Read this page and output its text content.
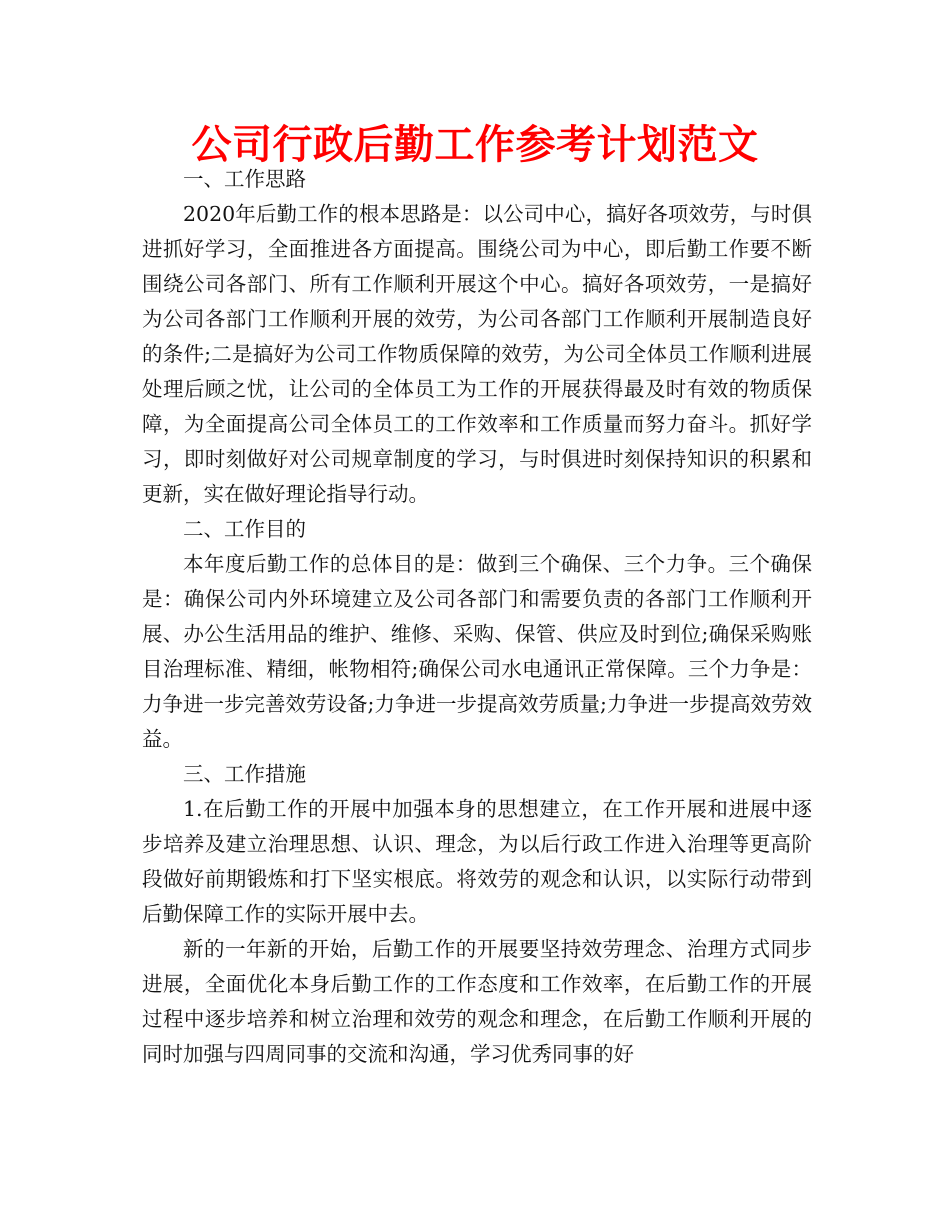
公司行政后勤工作参考计划范文

一、工作思路

2020年后勤工作的根本思路是：以公司中心，搞好各项效劳，与时俱进抓好学习，全面推进各方面提高。围绕公司为中心，即后勤工作要不断围绕公司各部门、所有工作顺利开展这个中心。搞好各项效劳，一是搞好为公司各部门工作顺利开展的效劳，为公司各部门工作顺利开展制造良好的条件;二是搞好为公司工作物质保障的效劳，为公司全体员工作顺利进展处理后顾之忧，让公司的全体员工为工作的开展获得最及时有效的物质保障，为全面提高公司全体员工的工作效率和工作质量而努力奋斗。抓好学习，即时刻做好对公司规章制度的学习，与时俱进时刻保持知识的积累和更新，实在做好理论指导行动。

二、工作目的

本年度后勤工作的总体目的是：做到三个确保、三个力争。三个确保是：确保公司内外环境建立及公司各部门和需要负责的各部门工作顺利开展、办公生活用品的维护、维修、采购、保管、供应及时到位;确保采购账目治理标准、精细，帐物相符;确保公司水电通讯正常保障。三个力争是：力争进一步完善效劳设备;力争进一步提高效劳质量;力争进一步提高效劳效益。

三、工作措施

1.在后勤工作的开展中加强本身的思想建立，在工作开展和进展中逐步培养及建立治理思想、认识、理念，为以后行政工作进入治理等更高阶段做好前期锻炼和打下坚实根底。将效劳的观念和认识，以实际行动带到后勤保障工作的实际开展中去。

新的一年新的开始，后勤工作的开展要坚持效劳理念、治理方式同步进展，全面优化本身后勤工作的工作态度和工作效率，在后勤工作的开展过程中逐步培养和树立治理和效劳的观念和理念，在后勤工作顺利开展的同时加强与四周同事的交流和沟通，学习优秀同事的好
